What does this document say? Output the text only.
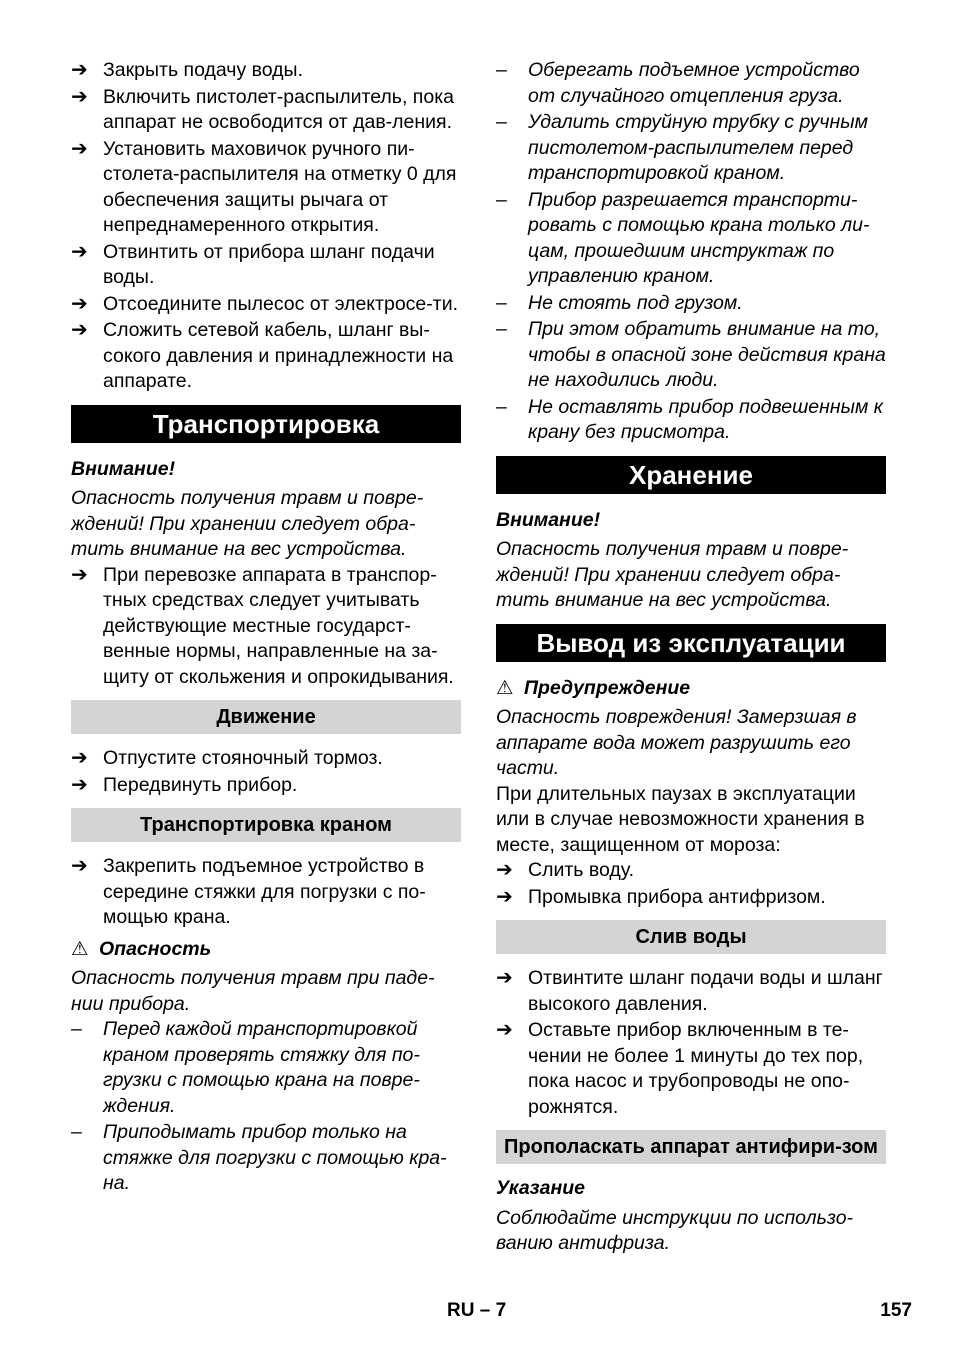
➔ Закрыть подачу воды.
➔ Включить пистолет-распылитель, пока аппарат не освободится от дав-ления.
➔ Установить маховичок ручного пи-столета-распылителя на отметку 0 для обеспечения защиты рычага от непреднамеренного открытия.
➔ Отвинтить от прибора шланг подачи воды.
➔ Отсоедините пылесос от электросе-ти.
➔ Сложить сетевой кабель, шланг вы-сокого давления и принадлежности на аппарате.
Транспортировка
Внимание!
Опасность получения травм и повре-ждений! При хранении следует обра-тить внимание на вес устройства.
➔ При перевозке аппарата в транспор-тных средствах следует учитывать действующие местные государст-венные нормы, направленные на за-щиту от скольжения и опрокидывания.
Движение
➔ Отпустите стояночный тормоз.
➔ Передвинуть прибор.
Транспортировка краном
➔ Закрепить подъемное устройство в середине стяжки для погрузки с по-мощью крана.
⚠ Опасность
Опасность получения травм при паде-нии прибора.
–	Перед каждой транспортировкой краном проверять стяжку для по-грузки с помощью крана на повре-ждения.
–	Приподымать прибор только на стяжке для погрузки с помощью кра-на.
–	Оберегать подъемное устройство от случайного отцепления груза.
–	Удалить струйную трубку с ручным пистолетом-распылителем перед транспортировкой краном.
–	Прибор разрешается транспорти-ровать с помощью крана только ли-цам, прошедшим инструктаж по управлению краном.
–	Не стоять под грузом.
–	При этом обратить внимание на то, чтобы в опасной зоне действия крана не находились люди.
–	Не оставлять прибор подвешенным к крану без присмотра.
Хранение
Внимание!
Опасность получения травм и повре-ждений! При хранении следует обра-тить внимание на вес устройства.
Вывод из эксплуатации
⚠ Предупреждение
Опасность повреждения! Замерзшая в аппарате вода может разрушить его части.
При длительных паузах в эксплуатации или в случае невозможности хранения в месте, защищенном от мороза:
➔ Слить воду.
➔ Промывка прибора антифризом.
Слив воды
➔ Отвинтите шланг подачи воды и шланг высокого давления.
➔ Оставьте прибор включенным в те-чении не более 1 минуты до тех пор, пока насос и трубопроводы не опо-рожнятся.
Прополаскать аппарат антифири-зом
Указание
Соблюдайте инструкции по использо-ванию антифриза.
RU – 7	157
